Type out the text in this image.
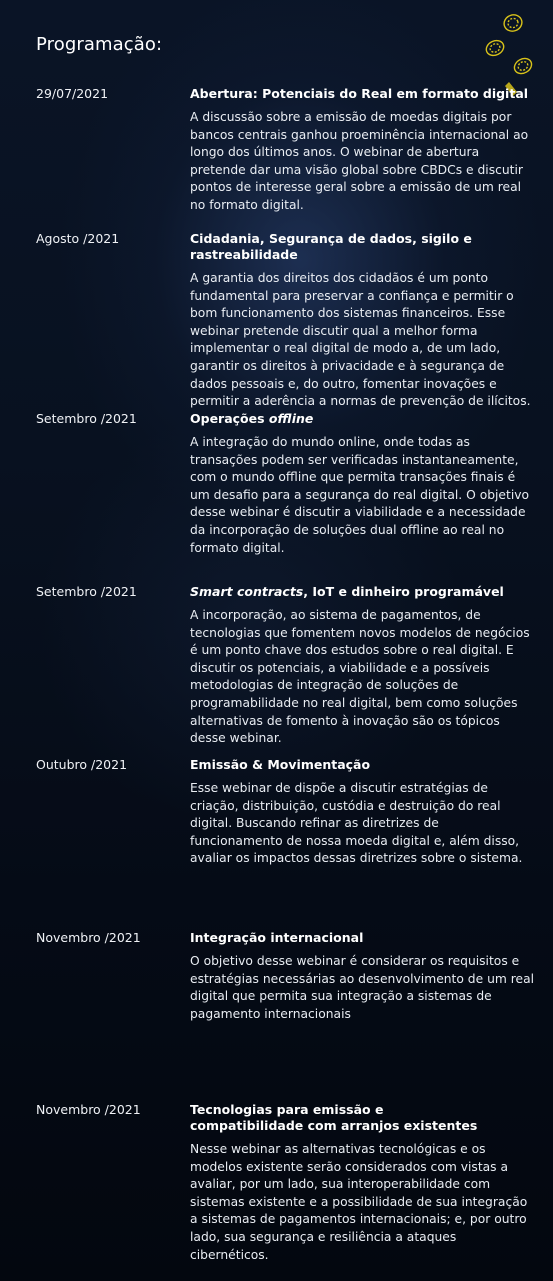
Programação:
29/07/2021	Abertura: Potenciais do Real em formato digital

A discussão sobre a emissão de moedas digitais por bancos centrais ganhou proeminência internacional ao longo dos últimos anos. O webinar de abertura pretende dar uma visão global sobre CBDCs e discutir pontos de interesse geral sobre a emissão de um real no formato digital.

Agosto /2021	Cidadania, Segurança de dados, sigilo e rastreabilidade

A garantia dos direitos dos cidadãos é um ponto fundamental para preservar a confiança e permitir o bom funcionamento dos sistemas financeiros. Esse webinar pretende discutir qual a melhor forma implementar o real digital de modo a, de um lado, garantir os direitos à privacidade e à segurança de dados pessoais e, do outro, fomentar inovações e permitir a aderência a normas de prevenção de ilícitos.

Setembro /2021	Operações offline

A integração do mundo online, onde todas as transações podem ser verificadas instantaneamente, com o mundo offline que permita transações finais é um desafio para a segurança do real digital. O objetivo desse webinar é discutir a viabilidade e a necessidade da incorporação de soluções dual offline ao real no formato digital.

Setembro /2021	Smart contracts, IoT e dinheiro programável

A incorporação, ao sistema de pagamentos, de tecnologias que fomentem novos modelos de negócios é um ponto chave dos estudos sobre o real digital. E discutir os potenciais, a viabilidade e a possíveis metodologias de integração de soluções de programabilidade no real digital, bem como soluções alternativas de fomento à inovação são os tópicos desse webinar.

Outubro /2021	Emissão & Movimentação

Esse webinar de dispõe a discutir estratégias de criação, distribuição, custódia e destruição do real digital. Buscando refinar as diretrizes de funcionamento de nossa moeda digital e, além disso, avaliar os impactos dessas diretrizes sobre o sistema.

Novembro /2021	Integração internacional

O objetivo desse webinar é considerar os requisitos e estratégias necessárias ao desenvolvimento de um real digital que permita sua integração a sistemas de pagamento internacionais

Novembro /2021	Tecnologias para emissão e compatibilidade com arranjos existentes

Nesse webinar as alternativas tecnológicas e os modelos existente serão considerados com vistas a avaliar, por um lado, sua interoperabilidade com sistemas existente e a possibilidade de sua integração a sistemas de pagamentos internacionais; e, por outro lado, sua segurança e resiliência a ataques cibernéticos.
